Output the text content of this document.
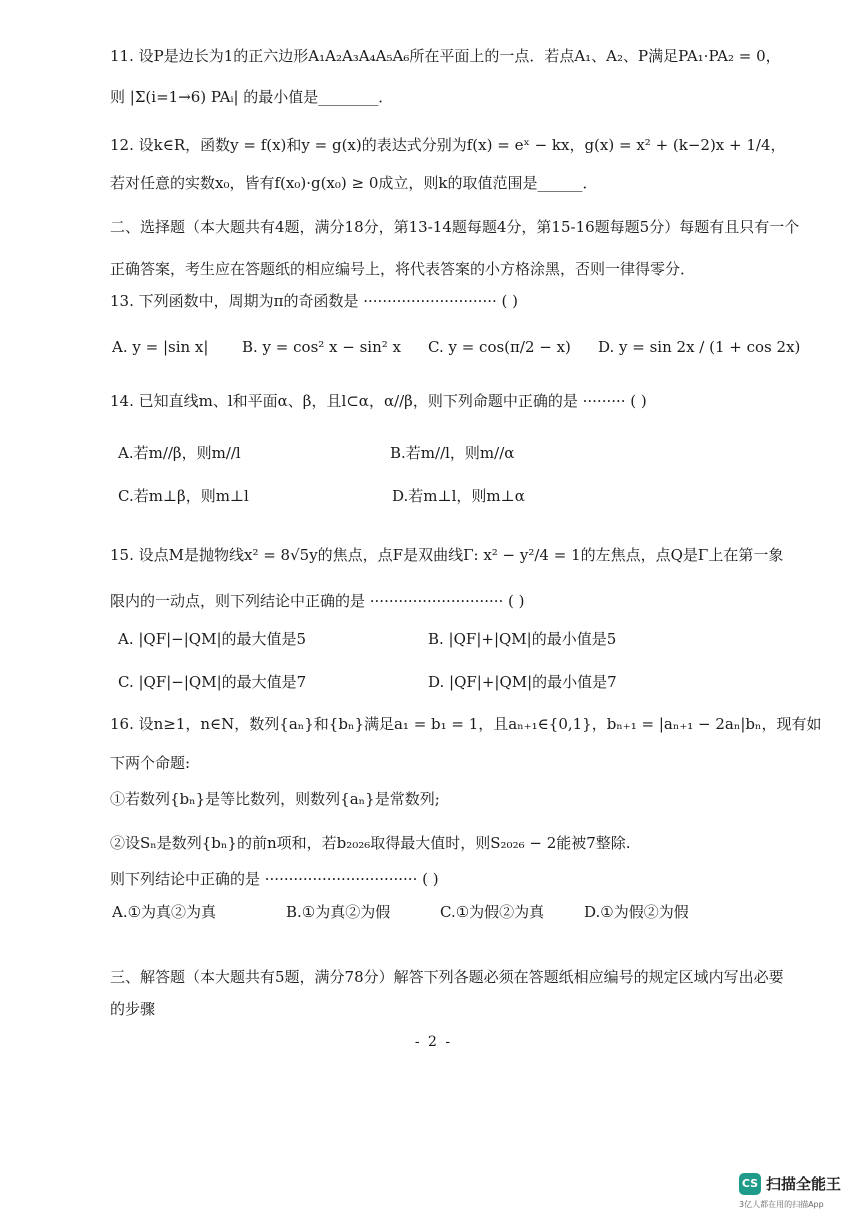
11. 设P是边长为1的正六边形A₁A₂A₃A₄A₅A₆所在平面上的一点．若点A₁、A₂、P满足PA₁·PA₂ = 0，
则 |Σ(i=1→6) PAᵢ| 的最小值是________．
12. 设k∈R，函数y = f(x)和y = g(x)的表达式分别为f(x) = eˣ − kx，g(x) = x² + (k−2)x + 1/4，
若对任意的实数x₀，皆有f(x₀)·g(x₀) ≥ 0成立，则k的取值范围是______．
二、选择题（本大题共有4题，满分18分，第13-14题每题4分，第15-16题每题5分）每题有且只有一个
正确答案，考生应在答题纸的相应编号上，将代表答案的小方格涂黑，否则一律得零分．
13. 下列函数中，周期为π的奇函数是 ···························· ( )
A. y = |sin x| B. y = cos² x − sin² x C. y = cos(π/2 − x) D. y = sin 2x / (1 + cos 2x)
14. 已知直线m、l和平面α、β，且l⊂α，α//β，则下列命题中正确的是 ········· ( )
A.若m//β，则m//l	B.若m//l，则m//α
C.若m⊥β，则m⊥l	D.若m⊥l，则m⊥α
15. 设点M是抛物线x² = 8√5y的焦点，点F是双曲线Γ: x² − y²/4 = 1的左焦点，点Q是Γ上在第一象
限内的一动点，则下列结论中正确的是 ···························· ( )
A. |QF|−|QM|的最大值是5	B. |QF|+|QM|的最小值是5
C. |QF|−|QM|的最大值是7	D. |QF|+|QM|的最小值是7
16. 设n≥1，n∈N，数列{aₙ}和{bₙ}满足a₁ = b₁ = 1，且aₙ₊₁∈{0,1}，bₙ₊₁ = |aₙ₊₁ − 2aₙ|bₙ，现有如
下两个命题:
①若数列{bₙ}是等比数列，则数列{aₙ}是常数列;
②设Sₙ是数列{bₙ}的前n项和，若b₂₀₂₆取得最大值时，则S₂₀₂₆ − 2能被7整除.
则下列结论中正确的是 ································ ( )
A.①为真②为真	B.①为真②为假	C.①为假②为真	D.①为假②为假
三、解答题（本大题共有5题，满分78分）解答下列各题必须在答题纸相应编号的规定区域内写出必要
的步骤
- 2 -
CS 扫描全能王
3亿人都在用的扫描App
